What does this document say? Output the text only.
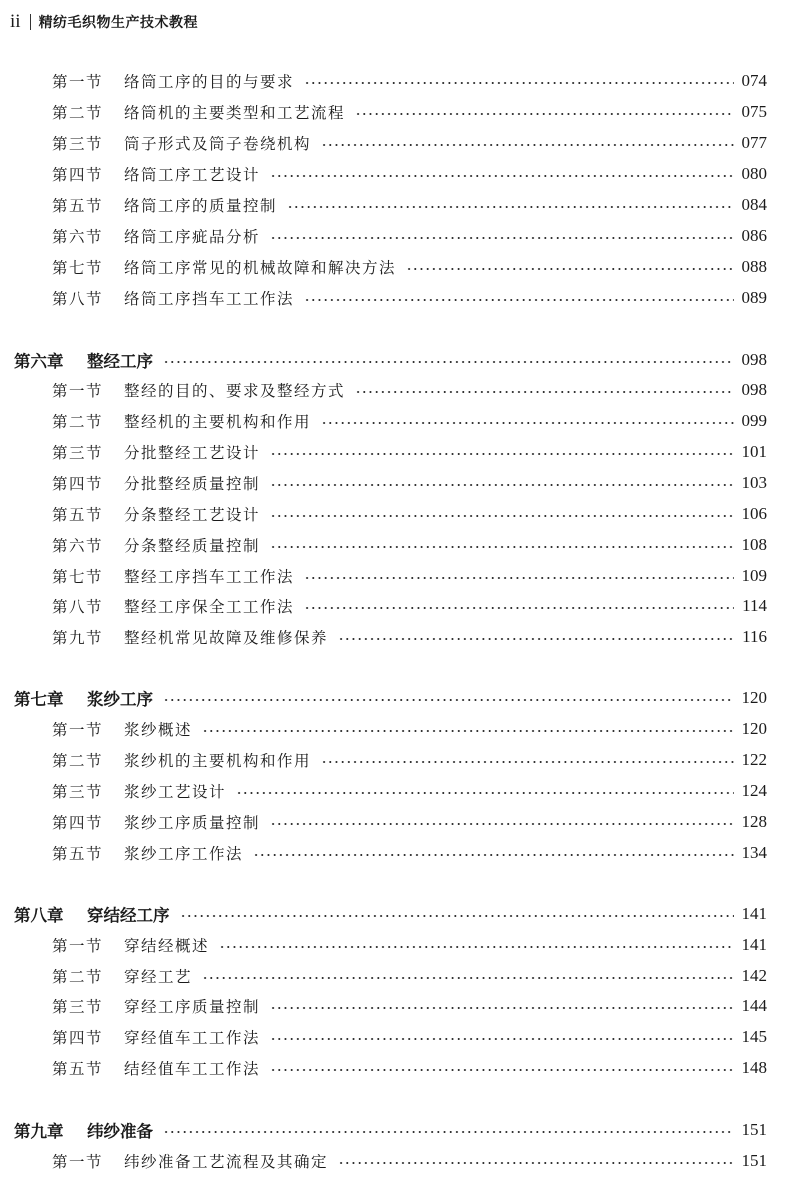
ii 精纺毛织物生产技术教程
第一节 络筒工序的目的与要求	074
第二节 络筒机的主要类型和工艺流程	075
第三节 筒子形式及筒子卷绕机构	077
第四节 络筒工序工艺设计	080
第五节 络筒工序的质量控制	084
第六节 络筒工序疵品分析	086
第七节 络筒工序常见的机械故障和解决方法	088
第八节 络筒工序挡车工工作法	089
第六章 整经工序	098
第一节 整经的目的、要求及整经方式	098
第二节 整经机的主要机构和作用	099
第三节 分批整经工艺设计	101
第四节 分批整经质量控制	103
第五节 分条整经工艺设计	106
第六节 分条整经质量控制	108
第七节 整经工序挡车工工作法	109
第八节 整经工序保全工工作法	114
第九节 整经机常见故障及维修保养	116
第七章 浆纱工序	120
第一节 浆纱概述	120
第二节 浆纱机的主要机构和作用	122
第三节 浆纱工艺设计	124
第四节 浆纱工序质量控制	128
第五节 浆纱工序工作法	134
第八章 穿结经工序	141
第一节 穿结经概述	141
第二节 穿经工艺	142
第三节 穿经工序质量控制	144
第四节 穿经值车工工作法	145
第五节 结经值车工工作法	148
第九章 纬纱准备	151
第一节 纬纱准备工艺流程及其确定	151
